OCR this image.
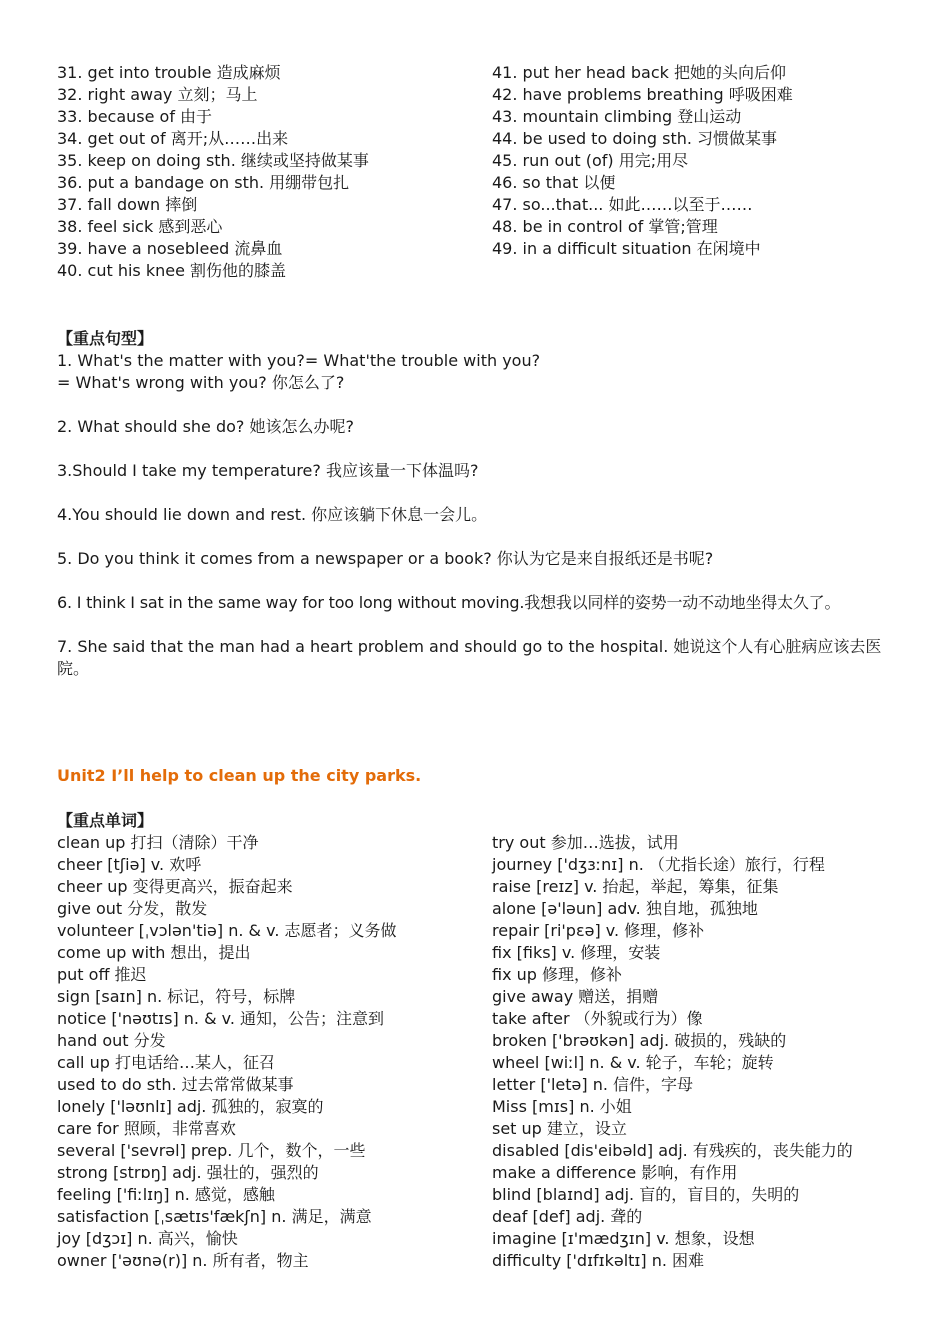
31. get into trouble 造成麻烦
32. right away 立刻；马上
33. because of 由于
34. get out of 离开;从……出来
35. keep on doing sth. 继续或坚持做某事
36. put a bandage on sth. 用绷带包扎
37. fall down 摔倒
38. feel sick 感到恶心
39. have a nosebleed 流鼻血
40. cut his knee 割伤他的膝盖
41. put her head back 把她的头向后仰
42. have problems breathing 呼吸困难
43. mountain climbing 登山运动
44. be used to doing sth. 习惯做某事
45. run out (of) 用完;用尽
46. so that 以便
47. so...that... 如此……以至于……
48. be in control of 掌管;管理
49. in a difficult situation 在闲境中
【重点句型】
1. What's the matter with you?= What'the trouble with you?
= What's wrong with you? 你怎么了?
2. What should she do? 她该怎么办呢?
3.Should I take my temperature? 我应该量一下体温吗?
4.You should lie down and rest. 你应该躺下休息一会儿。
5. Do you think it comes from a newspaper or a book? 你认为它是来自报纸还是书呢?
6. I think I sat in the same way for too long without moving.我想我以同样的姿势一动不动地坐得太久了。
7. She said that the man had a heart problem and should go to the hospital. 她说这个人有心脏病应该去医
院。
Unit2 I’ll help to clean up the city parks.
【重点单词】
clean up 打扫（清除）干净
cheer [tʃiə] v. 欢呼
cheer up 变得更高兴，振奋起来
give out 分发，散发
volunteer [ˌvɔlən'tiə] n. & v. 志愿者；义务做
come up with 想出，提出
put off 推迟
sign [saɪn] n. 标记，符号，标牌
notice ['nəʊtɪs] n. & v. 通知，公告；注意到
hand out 分发
call up 打电话给…某人，征召
used to do sth. 过去常常做某事
lonely ['ləʊnlɪ] adj. 孤独的，寂寞的
care for 照顾，非常喜欢
several ['sevrəl] prep. 几个，数个，一些
strong [strɒŋ] adj. 强壮的，强烈的
feeling ['fiːlɪŋ] n. 感觉，感触
satisfaction [ˌsætɪs'fækʃn] n. 满足，满意
joy [dʒɔɪ] n. 高兴，愉快
owner ['əʊnə(r)] n. 所有者，物主
try out 参加…选拔，试用
journey ['dʒɜːnɪ] n. （尤指长途）旅行，行程
raise [reɪz] v. 抬起，举起，筹集，征集
alone [ə'ləun] adv. 独自地，孤独地
repair [ri'pεə] v. 修理，修补
fix [fiks] v. 修理，安装
fix up 修理，修补
give away 赠送，捐赠
take after （外貌或行为）像
broken ['brəʊkən] adj. 破损的，残缺的
wheel [wiːl] n. & v. 轮子，车轮；旋转
letter ['letə] n. 信件，字母
Miss [mɪs] n. 小姐
set up 建立，设立
disabled [dis'eibəld] adj. 有残疾的，丧失能力的
make a difference 影响，有作用
blind [blaɪnd] adj. 盲的，盲目的，失明的
deaf [def] adj. 聋的
imagine [ɪ'mædʒɪn] v. 想象，设想
difficulty ['dɪfɪkəltɪ] n. 困难
